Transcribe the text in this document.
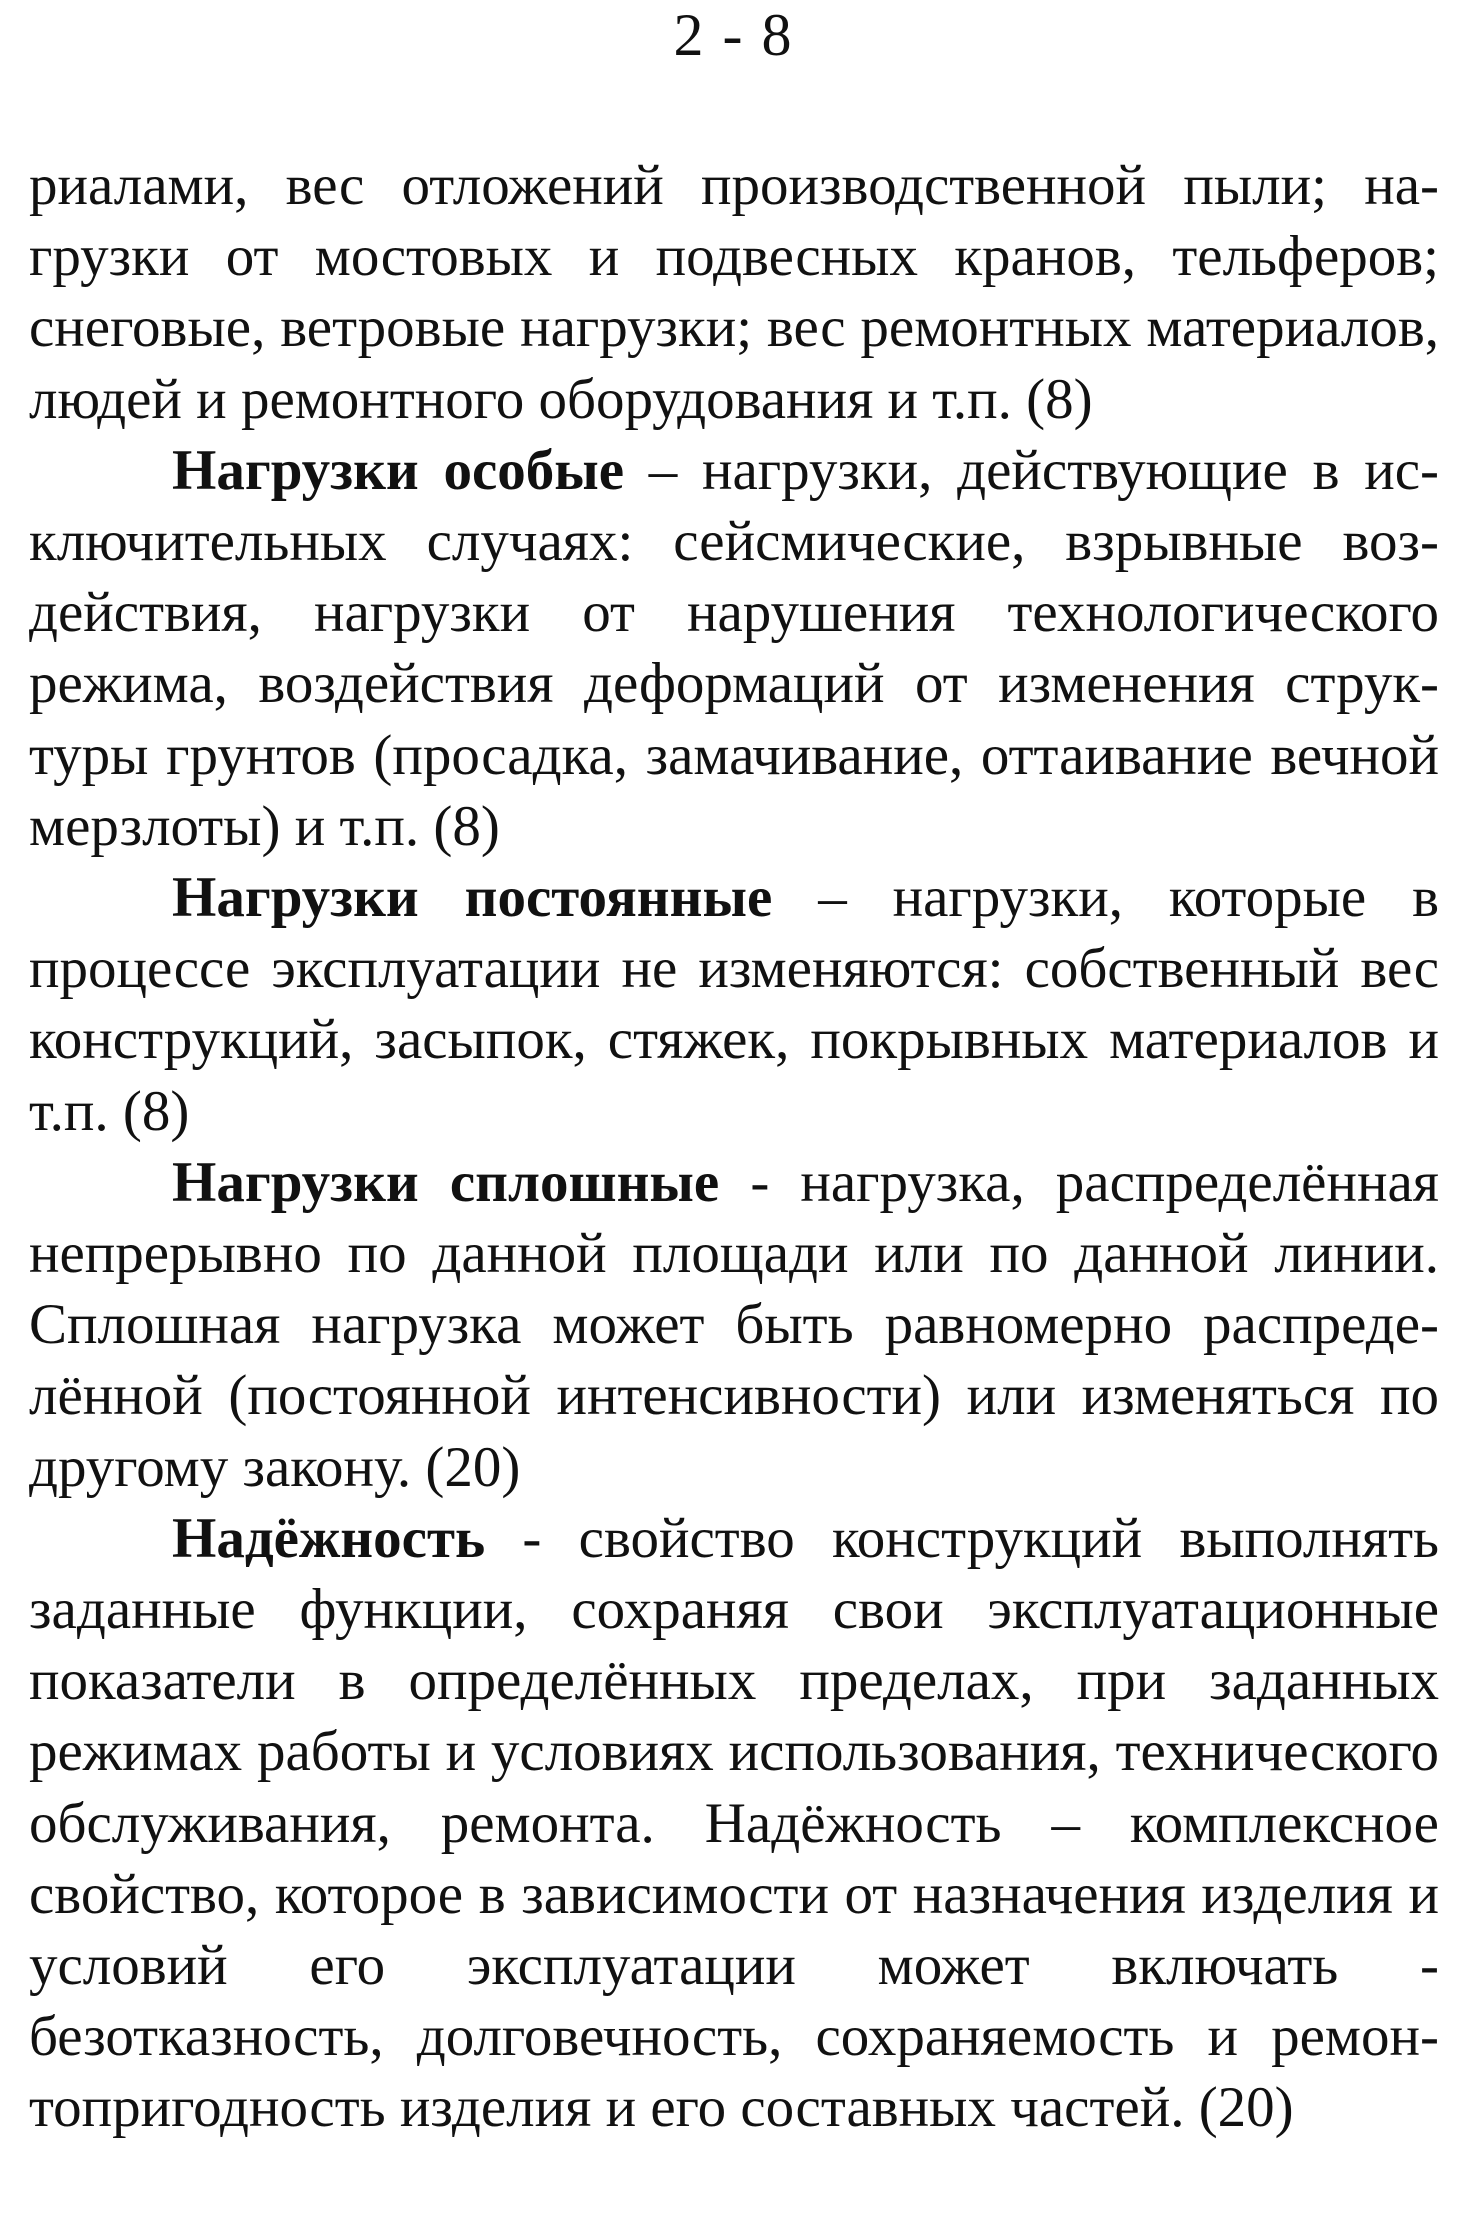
2 - 8

риалами, вес отложений производственной пыли; нагрузки от мостовых и подвесных кранов, тельферов; снеговые, ветровые нагрузки; вес ремонтных материалов, людей и ремонтного оборудования и т.п. (8)

Нагрузки особые – нагрузки, действующие в исключительных случаях: сейсмические, взрывные воздействия, нагрузки от нарушения технологического режима, воздействия деформаций от изменения структуры грунтов (просадка, замачивание, оттаивание вечной мерзлоты) и т.п. (8)

Нагрузки постоянные – нагрузки, которые в процессе эксплуатации не изменяются: собственный вес конструкций, засыпок, стяжек, покрывных материалов и т.п. (8)

Нагрузки сплошные - нагрузка, распределённая непрерывно по данной площади или по данной линии. Сплошная нагрузка может быть равномерно распределённой (постоянной интенсивности) или изменяться по другому закону. (20)

Надёжность - свойство конструкций выполнять заданные функции, сохраняя свои эксплуатационные показатели в определённых пределах, при заданных режимах работы и условиях использования, технического обслуживания, ремонта. Надёжность – комплексное свойство, которое в зависимости от назначения изделия и условий его эксплуатации может включать - безотказность, долговечность, сохраняемость и ремонтопригодность изделия и его составных частей. (20)
